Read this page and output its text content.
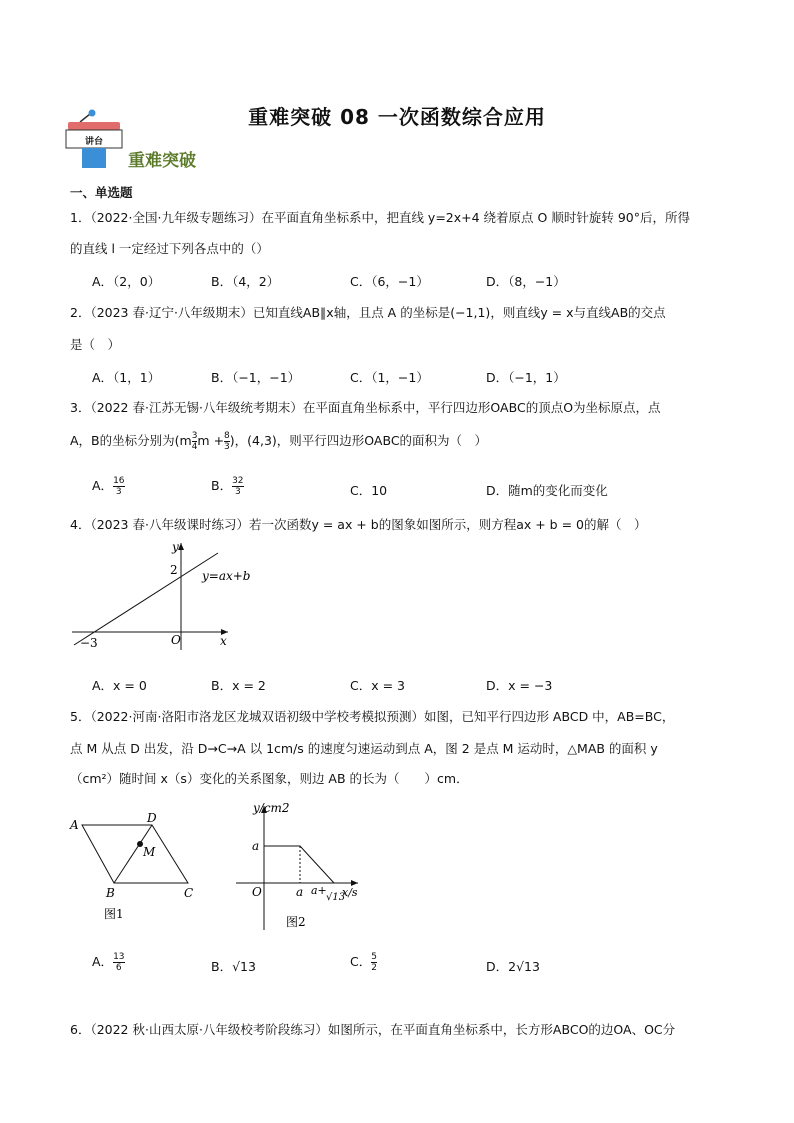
讲台
重难突破 08 一次函数综合应用
重难突破
一、单选题
1．（2022·全国·九年级专题练习）在平面直角坐标系中，把直线 y=2x+4 绕着原点 O 顺时针旋转 90°后，所得
的直线 l 一定经过下列各点中的（）
A．（2，0）	B．（4，2）	C．（6，−1）	D．（8，−1）
2．（2023 春·辽宁·八年级期末）已知直线AB∥x轴，且点 A 的坐标是(−1,1)，则直线y = x与直线AB的交点
是（　）
A．（1，1）	B．（−1，−1）	C．（1，−1）	D．（−1，1）
3．（2022 春·江苏无锡·八年级统考期末）在平面直角坐标系中，平行四边形OABC的顶点O为坐标原点，点
A，B的坐标分别为($m \frac{3}{4}$ $m + \frac{8}{3}$ )，(4,3)，则平行四边形OABC的面积为（　）
A． $\frac{16}{3}$	B． $\frac{32}{3}$	C．10	D．随m的变化而变化
4．（2023 春·八年级课时练习）若一次函数y = ax + b的图象如图所示，则方程ax + b = 0的解（　）
y
x
O
2
−3
y=ax+b
A．x = 0	B．x = 2	C．x = 3	D．x = −3
5．（2022·河南·洛阳市洛龙区龙城双语初级中学校考模拟预测）如图，已知平行四边形 ABCD 中，AB=BC，
点 M 从点 D 出发，沿 D→C→A 以 1cm/s 的速度匀速运动到点 A，图 2 是点 M 运动时，△MAB 的面积 y
（cm²）随时间 x（s）变化的关系图象，则边 AB 的长为（　　）cm．
A	D
B	C
M
图1
y/cm2
a
O	a a+
√13
x/s
图2
A． $\frac{13}{6}$	B．√13	C． $\frac{5}{2}$	D．2√13
6．（2022 秋·山西太原·八年级校考阶段练习）如图所示，在平面直角坐标系中，长方形ABCO的边OA、OC分
